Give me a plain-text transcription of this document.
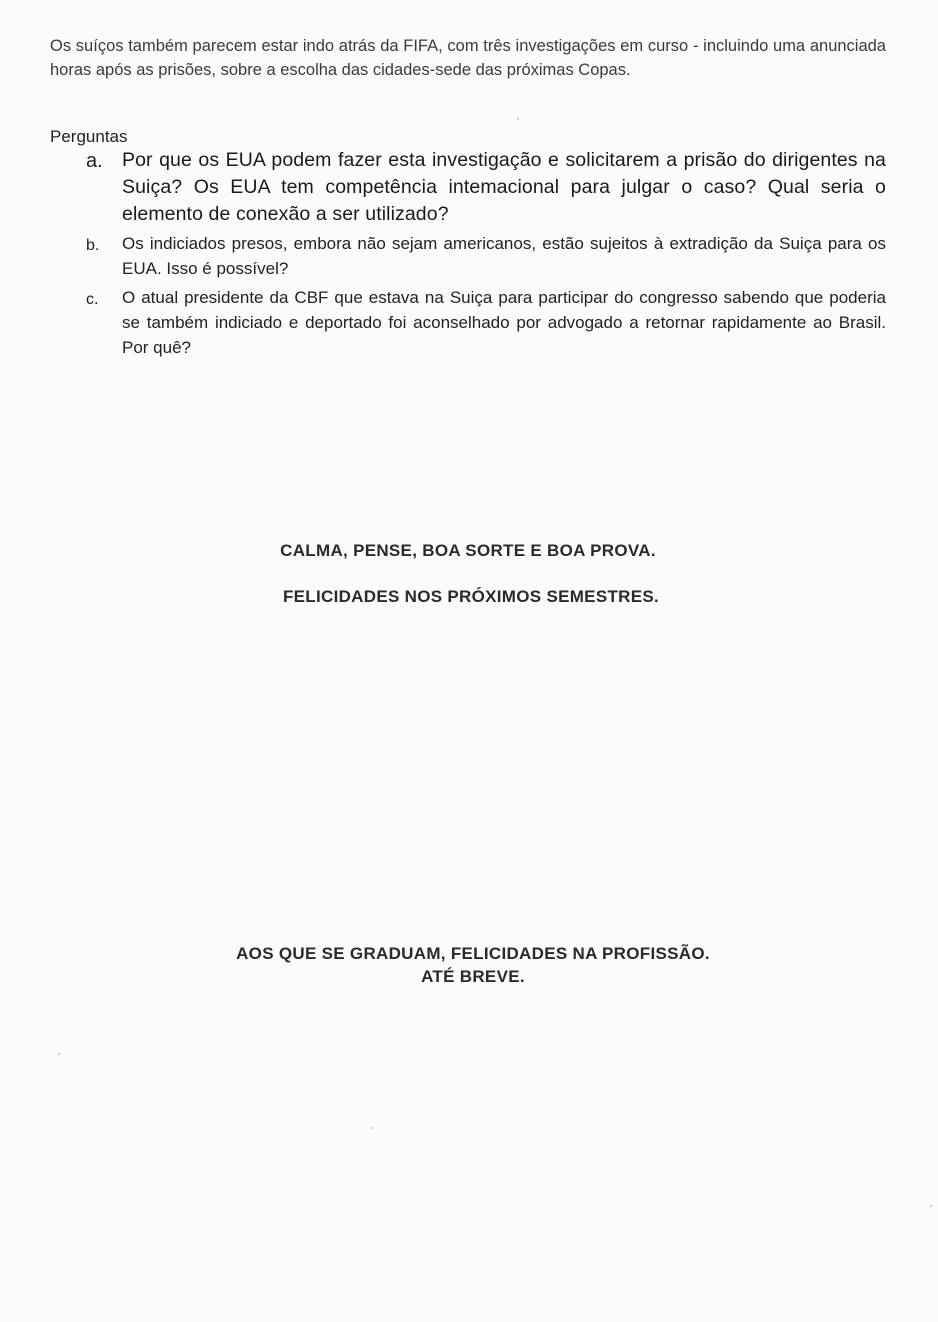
Os suíços também parecem estar indo atrás da FIFA, com três investigações em curso - incluindo uma anunciada horas após as prisões, sobre a escolha das cidades-sede das próximas Copas.

Perguntas

a. Por que os EUA podem fazer esta investigação e solicitarem a prisão do dirigentes na Suiça? Os EUA tem competência intemacional para julgar o caso? Qual seria o elemento de conexão a ser utilizado?

b. Os indiciados presos, embora não sejam americanos, estão sujeitos à extradição da Suiça para os EUA. Isso é possível?

c. O atual presidente da CBF que estava na Suiça para participar do congresso sabendo que poderia se também indiciado e deportado foi aconselhado por advogado a retornar rapidamente ao Brasil. Por quê?

CALMA, PENSE, BOA SORTE E BOA PROVA.

FELICIDADES NOS PRÓXIMOS SEMESTRES.

AOS QUE SE GRADUAM, FELICIDADES NA PROFISSÃO.

ATÉ BREVE.
